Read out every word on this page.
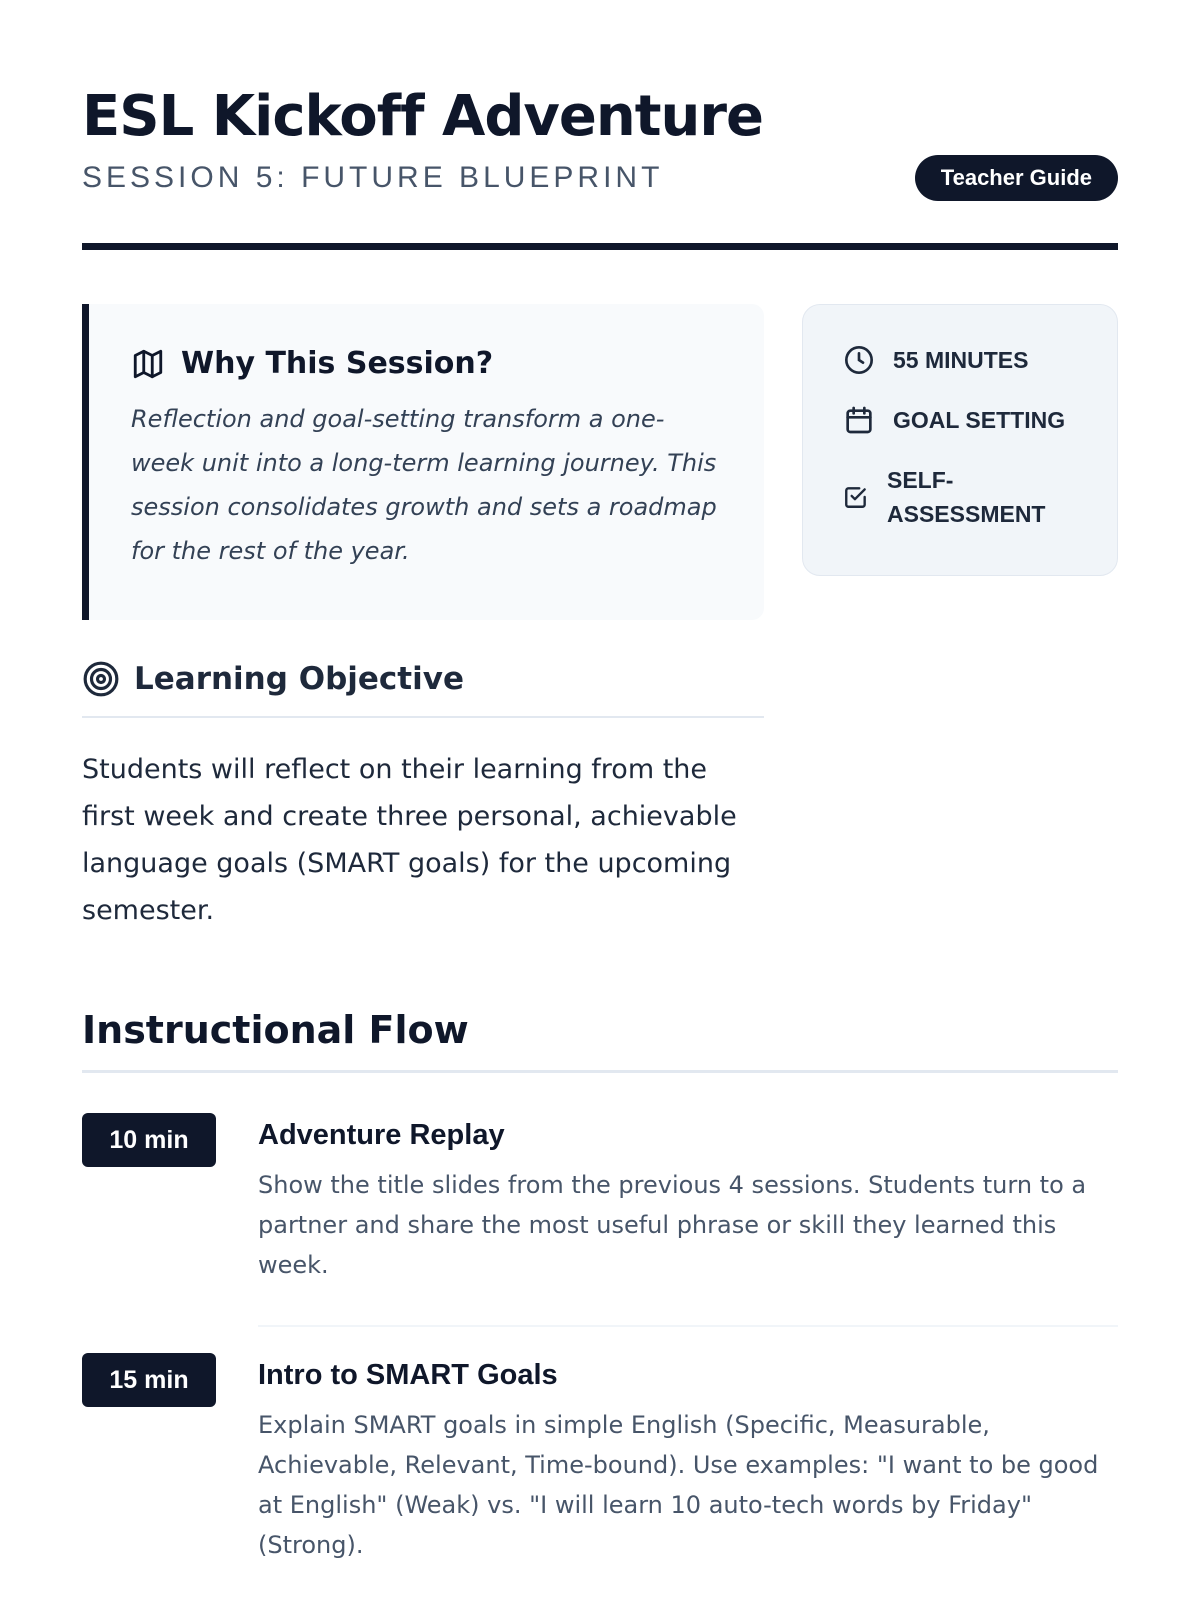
ESL Kickoff Adventure
SESSION 5: FUTURE BLUEPRINT	Teacher Guide
Why This Session?

Reflection and goal-setting transform a one-week unit into a long-term learning journey. This session consolidates growth and sets a roadmap for the rest of the year.

55 MINUTES
GOAL SETTING
SELF-ASSESSMENT
Learning Objective

Students will reflect on their learning from the first week and create three personal, achievable language goals (SMART goals) for the upcoming semester.

Instructional Flow
10 min	Adventure Replay

Show the title slides from the previous 4 sessions. Students turn to a partner and share the most useful phrase or skill they learned this week.

15 min	Intro to SMART Goals

Explain SMART goals in simple English (Specific, Measurable, Achievable, Relevant, Time-bound). Use examples: "I want to be good at English" (Weak) vs. "I will learn 10 auto-tech words by Friday" (Strong).
